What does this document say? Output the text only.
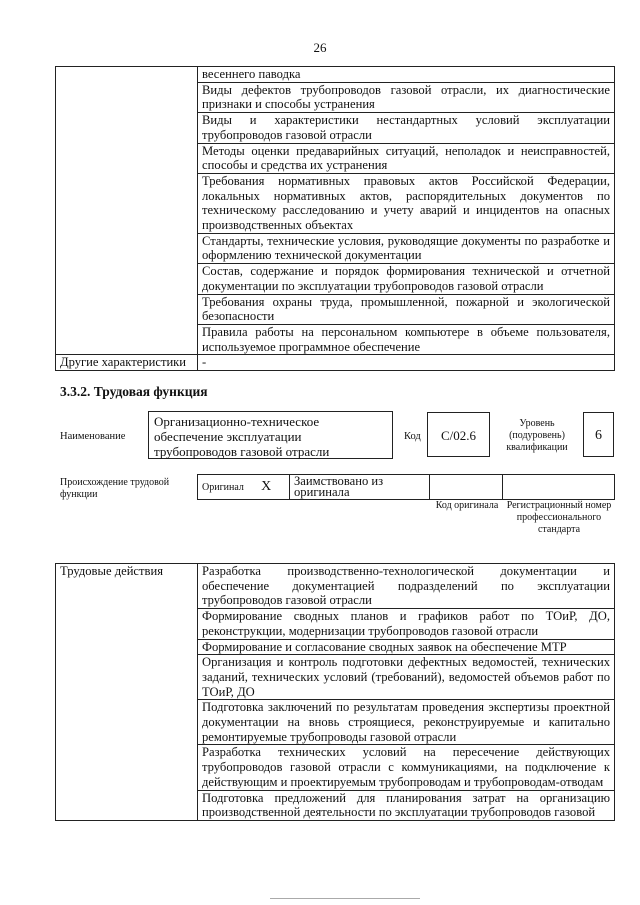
26
	весеннего паводка
	Виды дефектов трубопроводов газовой отрасли, их диагностические признаки и способы устранения
	Виды и характеристики нестандартных условий эксплуатации трубопроводов газовой отрасли
	Методы оценки предаварийных ситуаций, неполадок и неисправностей, способы и средства их устранения
	Требования нормативных правовых актов Российской Федерации, локальных нормативных актов, распорядительных документов по техническому расследованию и учету аварий и инцидентов на опасных производственных объектах
	Стандарты, технические условия, руководящие документы по разработке и оформлению технической документации
	Состав, содержание и порядок формирования технической и отчетной документации по эксплуатации трубопроводов газовой отрасли
	Требования охраны труда, промышленной, пожарной и экологической безопасности
	Правила работы на персональном компьютере в объеме пользователя, используемое программное обеспечение
Другие характеристики	-
3.3.2. Трудовая функция
Наименование
Организационно-техническое обеспечение эксплуатации трубопроводов газовой отрасли
Код	С/02.6
Уровень (подуровень) квалификации
6
Происхождение трудовой функции
Оригинал X	Заимствовано из оригинала		
Код оригинала Регистрационный номер профессионального стандарта
Трудовые действия	Разработка производственно-технологической документации и обеспечение документацией подразделений по эксплуатации трубопроводов газовой отрасли
Формирование сводных планов и графиков работ по ТОиР, ДО, реконструкции, модернизации трубопроводов газовой отрасли
Формирование и согласование сводных заявок на обеспечение МТР
Организация и контроль подготовки дефектных ведомостей, технических заданий, технических условий (требований), ведомостей объемов работ по ТОиР, ДО
Подготовка заключений по результатам проведения экспертизы проектной документации на вновь строящиеся, реконструируемые и капитально ремонтируемые трубопроводы газовой отрасли
Разработка технических условий на пересечение действующих трубопроводов газовой отрасли с коммуникациями, на подключение к действующим и проектируемым трубопроводам и трубопроводам-отводам
Подготовка предложений для планирования затрат на организацию производственной деятельности по эксплуатации трубопроводов газовой
